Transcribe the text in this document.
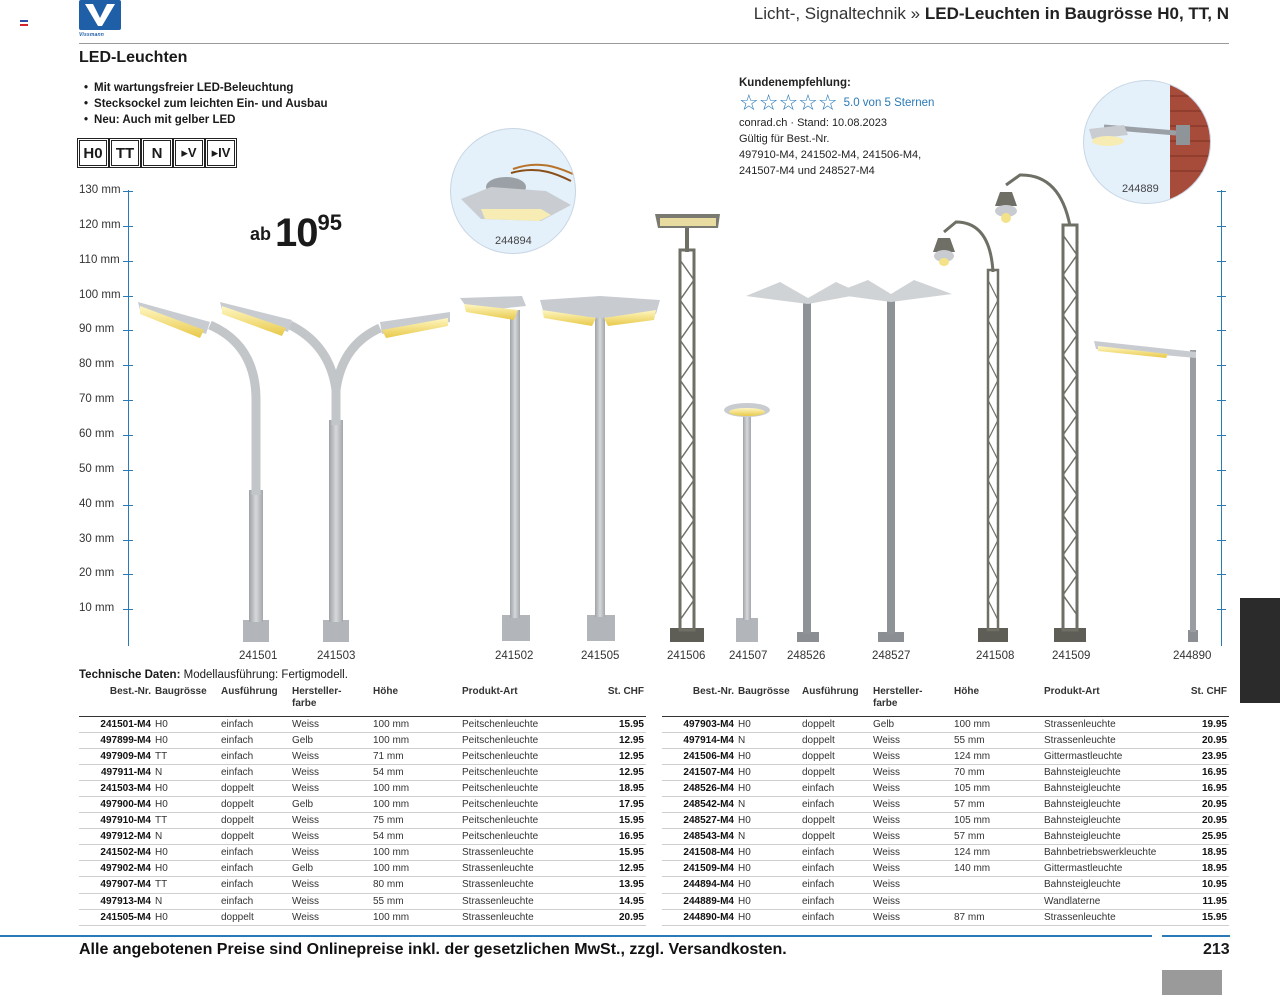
Vissmann
Licht-, Signaltechnik » LED-Leuchten in Baugrösse H0, TT, N
LED-Leuchten
• Mit wartungsfreier LED-Beleuchtung
• Stecksockel zum leichten Ein- und Ausbau
• Neu: Auch mit gelber LED
H0 TT	N	▸V	▸IV
ab 1095
Kundenempfehlung:
☆☆☆☆☆ 5.0 von 5 Sternen
conrad.ch · Stand: 10.08.2023
Gültig für Best.-Nr.
497910-M4, 241502-M4, 241506-M4,
241507-M4 und 248527-M4
244894
244889
130 mm
120 mm
110 mm
100 mm
90 mm
80 mm
70 mm
60 mm
50 mm
40 mm
30 mm
20 mm
10 mm
241501	241503	241502	241505	241506 241507 248526	248527	241508	241509	244890
Technische Daten: Modellausführung: Fertigmodell.
Best.-Nr.	Baugrösse	Ausführung	Hersteller-
farbe	Höhe	Produkt-Art	St. CHF
241501-M4	H0	einfach	Weiss	100 mm	Peitschenleuchte	15.95
497899-M4	H0	einfach	Gelb	100 mm	Peitschenleuchte	12.95
497909-M4	TT	einfach	Weiss	71 mm	Peitschenleuchte	12.95
497911-M4	N	einfach	Weiss	54 mm	Peitschenleuchte	12.95
241503-M4	H0	doppelt	Weiss	100 mm	Peitschenleuchte	18.95
497900-M4	H0	doppelt	Gelb	100 mm	Peitschenleuchte	17.95
497910-M4	TT	doppelt	Weiss	75 mm	Peitschenleuchte	15.95
497912-M4	N	doppelt	Weiss	54 mm	Peitschenleuchte	16.95
241502-M4	H0	einfach	Weiss	100 mm	Strassenleuchte	15.95
497902-M4	H0	einfach	Gelb	100 mm	Strassenleuchte	12.95
497907-M4	TT	einfach	Weiss	80 mm	Strassenleuchte	13.95
497913-M4	N	einfach	Weiss	55 mm	Strassenleuchte	14.95
241505-M4	H0	doppelt	Weiss	100 mm	Strassenleuchte	20.95
Best.-Nr.	Baugrösse	Ausführung	Hersteller-
farbe	Höhe	Produkt-Art	St. CHF
497903-M4	H0	doppelt	Gelb	100 mm	Strassenleuchte	19.95
497914-M4	N	doppelt	Weiss	55 mm	Strassenleuchte	20.95
241506-M4	H0	doppelt	Weiss	124 mm	Gittermastleuchte	23.95
241507-M4	H0	doppelt	Weiss	70 mm	Bahnsteigleuchte	16.95
248526-M4	H0	einfach	Weiss	105 mm	Bahnsteigleuchte	16.95
248542-M4	N	einfach	Weiss	57 mm	Bahnsteigleuchte	20.95
248527-M4	H0	doppelt	Weiss	105 mm	Bahnsteigleuchte	20.95
248543-M4	N	doppelt	Weiss	57 mm	Bahnsteigleuchte	25.95
241508-M4	H0	einfach	Weiss	124 mm	Bahnbetriebswerkleuchte	18.95
241509-M4	H0	einfach	Weiss	140 mm	Gittermastleuchte	18.95
244894-M4	H0	einfach	Weiss		Bahnsteigleuchte	10.95
244889-M4	H0	einfach	Weiss		Wandlaterne	11.95
244890-M4	H0	einfach	Weiss	87 mm	Strassenleuchte	15.95
Alle angebotenen Preise sind Onlinepreise inkl. der gesetzlichen MwSt., zzgl. Versandkosten.	213
